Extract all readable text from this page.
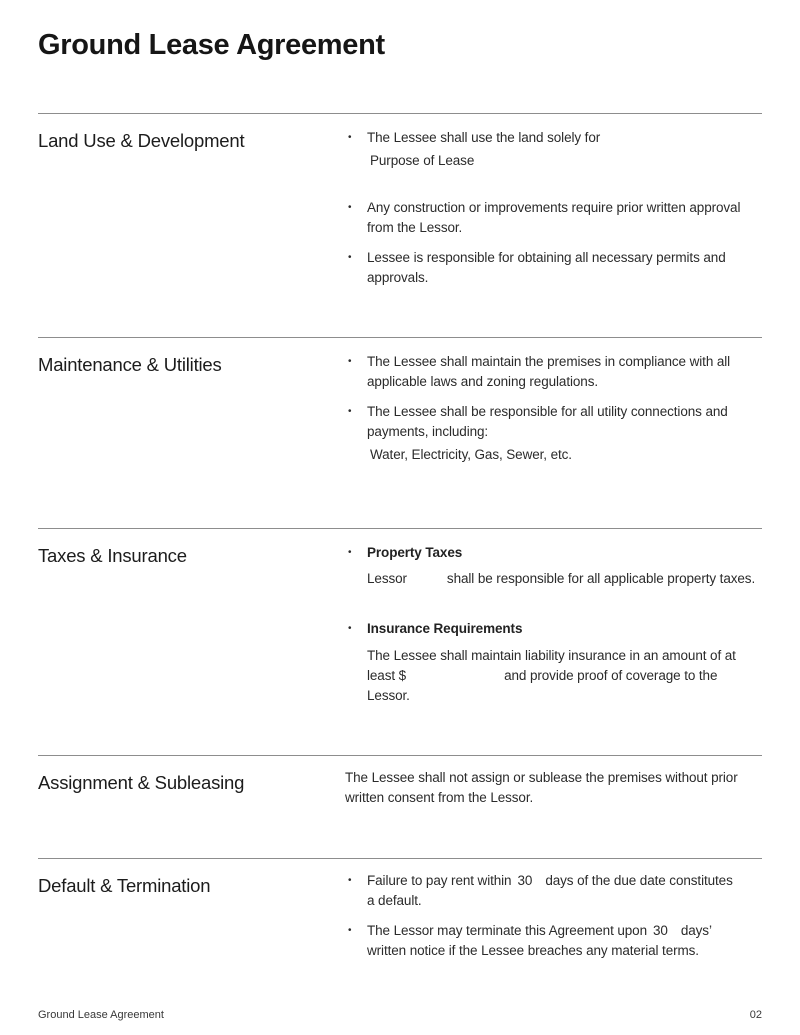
Ground Lease Agreement
Land Use & Development	•	The Lessee shall use the land solely for
Purpose of Lease
•	Any construction or improvements require prior written approval
from the Lessor.
•	Lessee is responsible for obtaining all necessary permits and
approvals.
Maintenance & Utilities	•	The Lessee shall maintain the premises in compliance with all
applicable laws and zoning regulations.
•	The Lessee shall be responsible for all utility connections and
payments, including:
Water, Electricity, Gas, Sewer, etc.
Taxes & Insurance	•	Property Taxes
Lessor	shall be responsible for all applicable property taxes.
•	Insurance Requirements
The Lessee shall maintain liability insurance in an amount of at
least $	and provide proof of coverage to the
Lessor.
Assignment & Subleasing	The Lessee shall not assign or sublease the premises without prior
written consent from the Lessor.

Default & Termination	•	Failure to pay rent within 30 days of the due date constitutes
a default.
•	The Lessor may terminate this Agreement upon 30 days’
written notice if the Lessee breaches any material terms.
Ground Lease Agreement	02
